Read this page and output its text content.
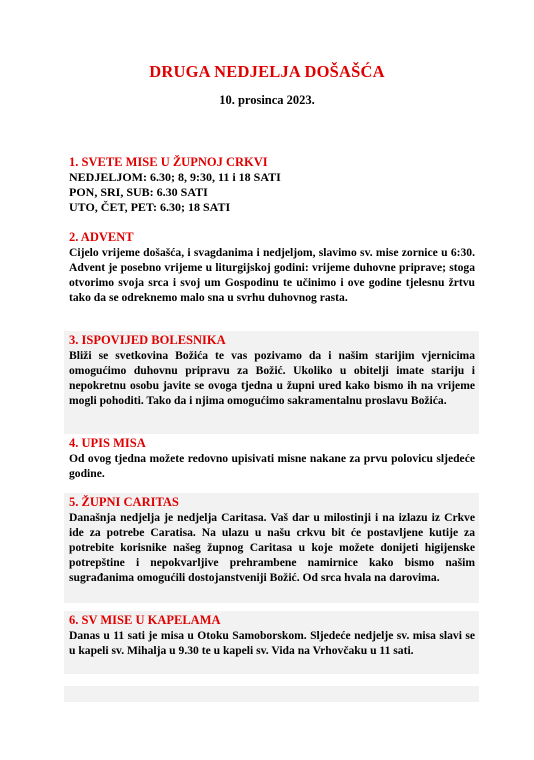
DRUGA NEDJELJA DOŠAŠĆA
10. prosinca 2023.
1. SVETE MISE U ŽUPNOJ CRKVI
NEDJELJOM: 6.30; 8, 9:30, 11 i 18 SATI
PON, SRI, SUB: 6.30 SATI
UTO, ČET, PET: 6.30; 18 SATI
2. ADVENT
Cijelo vrijeme došašća, i svagdanima i nedjeljom, slavimo sv. mise zornice u 6:30. Advent je posebno vrijeme u liturgijskoj godini: vrijeme duhovne priprave; stoga otvorimo svoja srca i svoj um Gospodinu te učinimo i ove godine tjelesnu žrtvu tako da se odreknemo malo sna u svrhu duhovnog rasta.
3. ISPOVIJED BOLESNIKA
Bliži se svetkovina Božića te vas pozivamo da i našim starijim vjernicima omogućimo duhovnu pripravu za Božić. Ukoliko u obitelji imate stariju i nepokretnu osobu javite se ovoga tjedna u župni ured kako bismo ih na vrijeme mogli pohoditi. Tako da i njima omogućimo sakramentalnu proslavu Božića.
4. UPIS MISA
Od ovog tjedna možete redovno upisivati misne nakane za prvu polovicu sljedeće godine.
5. ŽUPNI CARITAS
Današnja nedjelja je nedjelja Caritasa. Vaš dar u milostinji i na izlazu iz Crkve ide za potrebe Caratisa. Na ulazu u našu crkvu bit će postavljene kutije za potrebite korisnike našeg župnog Caritasa u koje možete donijeti higijenske potrepštine i nepokvarljive prehrambene namirnice kako bismo našim sugrađanima omogućili dostojanstveniji Božić. Od srca hvala na darovima.
6. SV MISE U KAPELAMA
Danas u 11 sati je misa u Otoku Samoborskom. Sljedeće nedjelje sv. misa slavi se u kapeli sv. Mihalja u 9.30 te u kapeli sv. Vida na Vrhovčaku u 11 sati.
